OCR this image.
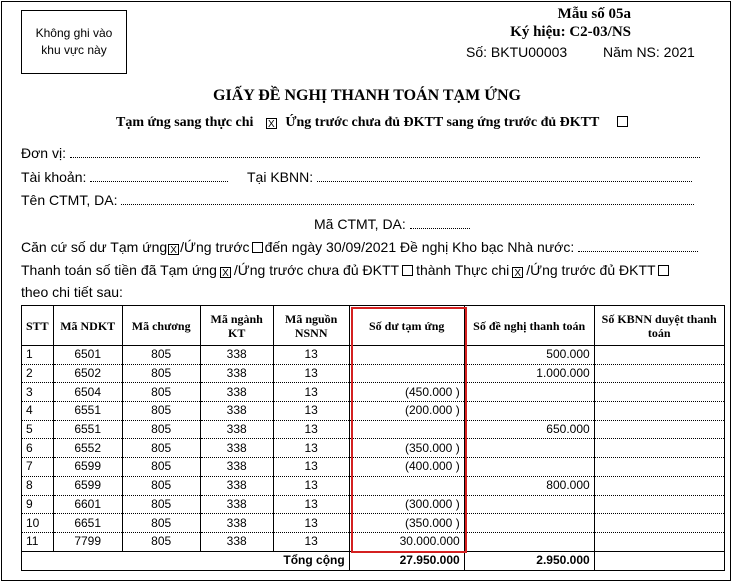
Không ghi vào
khu vực này
Mẫu số 05a
Ký hiệu: C2-03/NS
Số: BKTU00003	Năm NS: 2021
GIẤY ĐỀ NGHỊ THANH TOÁN TẠM ỨNG
Tạm ứng sang thực chi X Ứng trước chưa đủ ĐKTT sang ứng trước đủ ĐKTT
Đơn vị:
Tài khoản:	Tại KBNN:
Tên CTMT, DA:
Mã CTMT, DA:
Căn cứ số dư Tạm ứng X /Ứng trước đến ngày 30/09/2021 Đề nghị Kho bạc Nhà nước:
Thanh toán số tiền đã Tạm ứng X /Ứng trước chưa đủ ĐKTT thành Thực chi X /Ứng trước đủ ĐKTT
theo chi tiết sau:
STT	Mã NDKT	Mã chương	Mã ngành KT	Mã nguồn NSNN	Số dư tạm ứng	Số đề nghị thanh toán	Số KBNN duyệt thanh toán
1	6501	805	338	13		500.000	
2	6502	805	338	13		1.000.000	
3	6504	805	338	13	(450.000 )		
4	6551	805	338	13	(200.000 )		
5	6551	805	338	13		650.000	
6	6552	805	338	13	(350.000 )		
7	6599	805	338	13	(400.000 )		
8	6599	805	338	13		800.000	
9	6601	805	338	13	(300.000 )		
10	6651	805	338	13	(350.000 )		
11	7799	805	338	13	30.000.000		
Tổng cộng					27.950.000	2.950.000	
